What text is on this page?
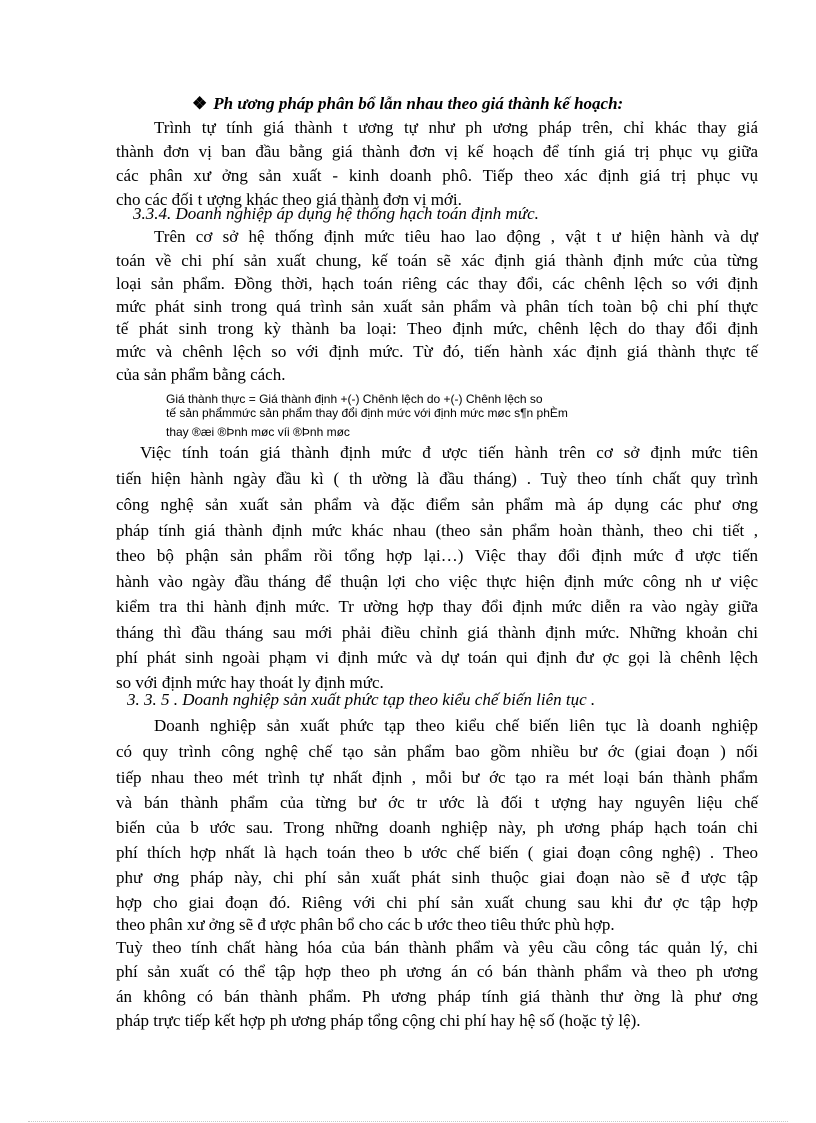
❖ Ph ương pháp phân bổ lẫn nhau theo giá thành kế hoạch:

Trình tự tính giá thành t ương tự như ph ương pháp trên, chỉ khác thay giá

thành đơn vị ban đầu bằng giá thành đơn vị kế hoạch để tính giá trị phục vụ giữa

các phân xư ởng sản xuất - kinh doanh phô. Tiếp theo xác định giá trị phục vụ

cho các đối t ượng khác theo giá thành đơn vị mới.

3.3.4. Doanh nghiệp áp dụng hệ thống hạch toán định mức.

Trên cơ sở hệ thống định mức tiêu hao lao động , vật t ư hiện hành và dự

toán về chi phí sản xuất chung, kế toán sẽ xác định giá thành định mức của từng

loại sản phẩm. Đồng thời, hạch toán riêng các thay đổi, các chênh lệch so với định

mức phát sinh trong quá trình sản xuất sản phẩm và phân tích toàn bộ chi phí thực

tế phát sinh trong kỳ thành ba loại: Theo định mức, chênh lệch do thay đổi định

mức và chênh lệch so với định mức. Từ đó, tiến hành xác định giá thành thực tế

của sản phẩm bằng cách.

Giá thành thực = Giá thành định +(-) Chênh lệch do +(-) Chênh lệch so

tế sản phẩmmức sản phẩm thay đổi định mức với định mức møc s¶n phÈm

thay ®æi ®Þnh møc víi ®Þnh møc

Việc tính toán giá thành định mức đ ược tiến hành trên cơ sở định mức tiên

tiến hiện hành ngày đầu kì ( th ường là đầu tháng) . Tuỳ theo tính chất quy trình

công nghệ sản xuất sản phẩm và đặc điểm sản phẩm mà áp dụng các phư ơng

pháp tính giá thành định mức khác nhau (theo sản phẩm hoàn thành, theo chi tiết ,

theo bộ phận sản phẩm rồi tổng hợp lại…) Việc thay đổi định mức đ ược tiến

hành vào ngày đầu tháng để thuận lợi cho việc thực hiện định mức công nh ư việc

kiểm tra thi hành định mức. Tr ường hợp thay đổi định mức diễn ra vào ngày giữa

tháng thì đầu tháng sau mới phải điều chỉnh giá thành định mức. Những khoản chi

phí phát sinh ngoài phạm vi định mức và dự toán qui định đư ợc gọi là chênh lệch

so với định mức hay thoát ly định mức.

3. 3. 5 . Doanh nghiệp sản xuất phức tạp theo kiểu chế biến liên tục .

Doanh nghiệp sản xuất phức tạp theo kiểu chế biến liên tục là doanh nghiệp

có quy trình công nghệ chế tạo sản phẩm bao gồm nhiều bư ớc (giai đoạn ) nối

tiếp nhau theo mét trình tự nhất định , mỗi bư ớc tạo ra mét loại bán thành phẩm

và bán thành phẩm của từng bư ớc tr ước là đối t ượng hay nguyên liệu chế

biến của b ước sau. Trong những doanh nghiệp này, ph ương pháp hạch toán chi

phí thích hợp nhất là hạch toán theo b ước chế biến ( giai đoạn công nghệ) . Theo

phư ơng pháp này, chi phí sản xuất phát sinh thuộc giai đoạn nào sẽ đ ược tập

hợp cho giai đoạn đó. Riêng với chi phí sản xuất chung sau khi đư ợc tập hợp

theo phân xư ởng sẽ đ ược phân bổ cho các b ước theo tiêu thức phù hợp.

Tuỳ theo tính chất hàng hóa của bán thành phẩm và yêu cầu công tác quản lý, chi

phí sản xuất có thể tập hợp theo ph ương án có bán thành phẩm và theo ph ương

án không có bán thành phẩm. Ph ương pháp tính giá thành thư ờng là phư ơng

pháp trực tiếp kết hợp ph ương pháp tổng cộng chi phí hay hệ số (hoặc tỷ lệ).
